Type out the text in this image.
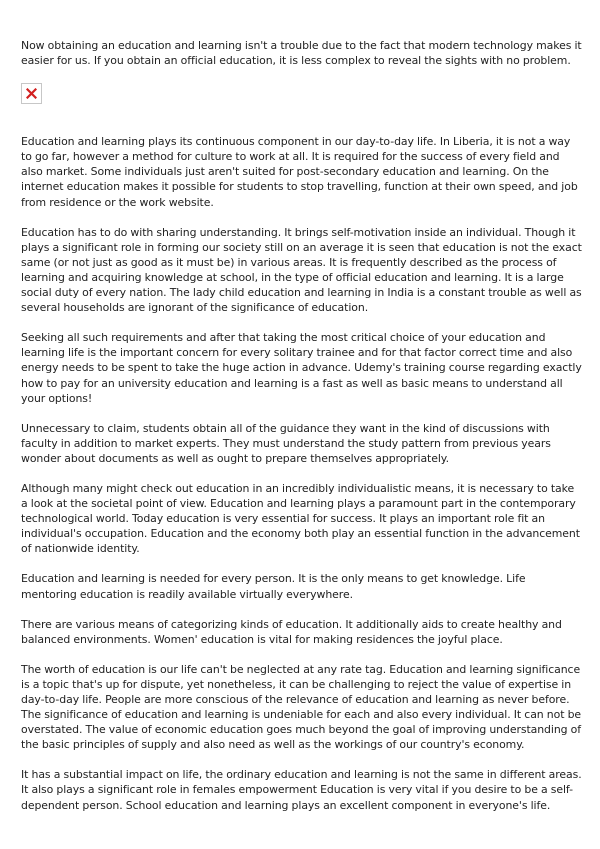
Now obtaining an education and learning isn't a trouble due to the fact that modern technology makes it easier for us. If you obtain an official education, it is less complex to reveal the sights with no problem.

Education and learning plays its continuous component in our day-to-day life. In Liberia, it is not a way to go far, however a method for culture to work at all. It is required for the success of every field and also market. Some individuals just aren't suited for post-secondary education and learning. On the internet education makes it possible for students to stop travelling, function at their own speed, and job from residence or the work website.

Education has to do with sharing understanding. It brings self-motivation inside an individual. Though it plays a significant role in forming our society still on an average it is seen that education is not the exact same (or not just as good as it must be) in various areas. It is frequently described as the process of learning and acquiring knowledge at school, in the type of official education and learning. It is a large social duty of every nation. The lady child education and learning in India is a constant trouble as well as several households are ignorant of the significance of education.

Seeking all such requirements and after that taking the most critical choice of your education and learning life is the important concern for every solitary trainee and for that factor correct time and also energy needs to be spent to take the huge action in advance. Udemy's training course regarding exactly how to pay for an university education and learning is a fast as well as basic means to understand all your options!

Unnecessary to claim, students obtain all of the guidance they want in the kind of discussions with faculty in addition to market experts. They must understand the study pattern from previous years wonder about documents as well as ought to prepare themselves appropriately.

Although many might check out education in an incredibly individualistic means, it is necessary to take a look at the societal point of view. Education and learning plays a paramount part in the contemporary technological world. Today education is very essential for success. It plays an important role fit an individual's occupation. Education and the economy both play an essential function in the advancement of nationwide identity.

Education and learning is needed for every person. It is the only means to get knowledge. Life mentoring education is readily available virtually everywhere.

There are various means of categorizing kinds of education. It additionally aids to create healthy and balanced environments. Women' education is vital for making residences the joyful place.

The worth of education is our life can't be neglected at any rate tag. Education and learning significance is a topic that's up for dispute, yet nonetheless, it can be challenging to reject the value of expertise in day-to-day life. People are more conscious of the relevance of education and learning as never before. The significance of education and learning is undeniable for each and also every individual. It can not be overstated. The value of economic education goes much beyond the goal of improving understanding of the basic principles of supply and also need as well as the workings of our country's economy.

It has a substantial impact on life, the ordinary education and learning is not the same in different areas. It also plays a significant role in females empowerment Education is very vital if you desire to be a self-dependent person. School education and learning plays an excellent component in everyone's life.
